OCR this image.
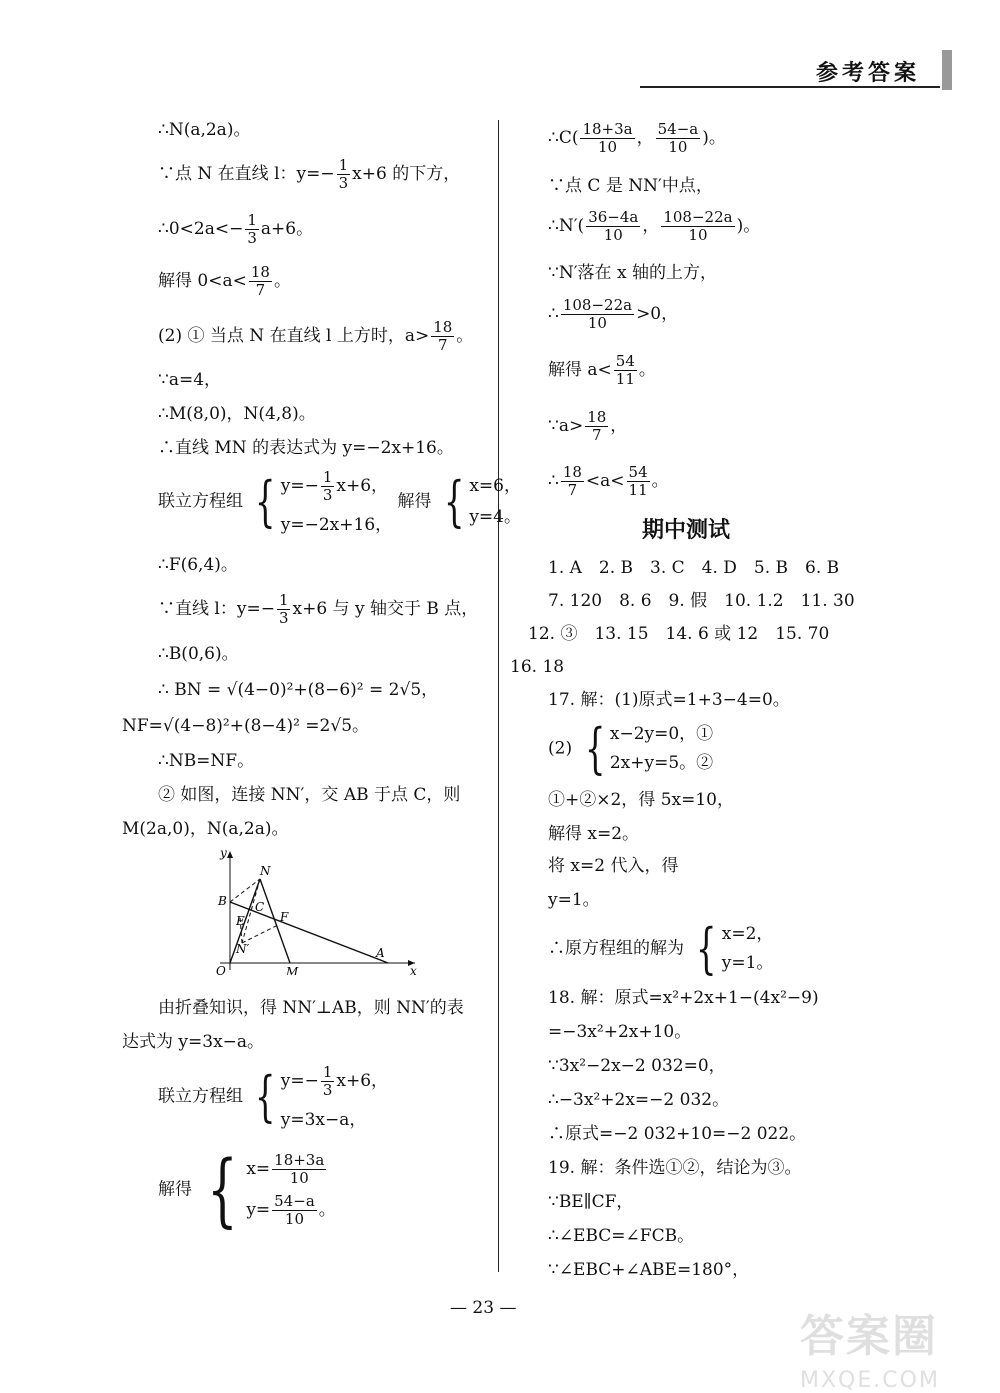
参考答案
∴N(a,2a)。
∵点 N 在直线 l：$y=- \frac{1}{3} x+6$ 的下方，
∴0<2a<− $\frac{1}{3} a+6$。
解得 $0<a< \frac{18}{7}$ 。
(2) ① 当点 N 在直线 l 上方时，$a> \frac{18}{7}$ 。
∵a=4，
∴M(8,0)，N(4,8)。
∴直线 MN 的表达式为 y=−2x+16。
联立方程组 { $y=- \frac{1}{3} x+6$，
y=−2x+16，
解得 { x=6，
y=4。
∴F(6,4)。
∵直线 l：$y=- \frac{1}{3} x+6$ 与 y 轴交于 B 点，
∴B(0,6)。
∴ BN = √(4−0)²+(8−6)² = 2√5，
NF=√(4−8)²+(8−4)² =2√5。
∴NB=NF。
② 如图，连接 NN′，交 AB 于点 C，则
M(2a,0)，N(a,2a)。
y
x
O
N
B C
E	F
N′
M
A
由折叠知识，得 NN′⊥AB，则 NN′的表
达式为 y=3x−a。
联立方程组 { $y=- \frac{1}{3} x+6$，
y=3x−a，
解得 { $x= \frac{18+3a}{10}$
$y= \frac{54-a}{10}$ 。
∴C( $\frac{18+3a}{10}$ ， $\frac{54-a}{10}$ )。
∵点 C 是 NN′中点，
∴N′( $\frac{36-4a}{10}$ ， $\frac{108-22a}{10}$ )。
∵N′落在 x 轴的上方，
∴ $\frac{108-22a}{10} >0$，
解得 $a< \frac{54}{11}$ 。
∵a> $\frac{18}{7}$ ，
∴ $\frac{18}{7} <a< \frac{54}{11}$ 。
期中测试
1. A　2. B　3. C　4. D　5. B　6. B
7. 120　8. 6　9. 假　10. 1.2　11. 30
12. ③　13. 15　14. 6 或 12　15. 70
16. 18
17. 解：(1)原式=1+3−4=0。
(2) { x−2y=0，①
2x+y=5。②
①+②×2，得 5x=10，
解得 x=2。
将 x=2 代入，得
y=1。
∴原方程组的解为 { x=2，
y=1。
18. 解：原式=x²+2x+1−(4x²−9)
=−3x²+2x+10。
∵3x²−2x−2 032=0，
∴−3x²+2x=−2 032。
∴原式=−2 032+10=−2 022。
19. 解：条件选①②，结论为③。
∵BE∥CF，
∴∠EBC=∠FCB。
∵∠EBC+∠ABE=180°，
— 23 —
答案圈
MXQE.COM
